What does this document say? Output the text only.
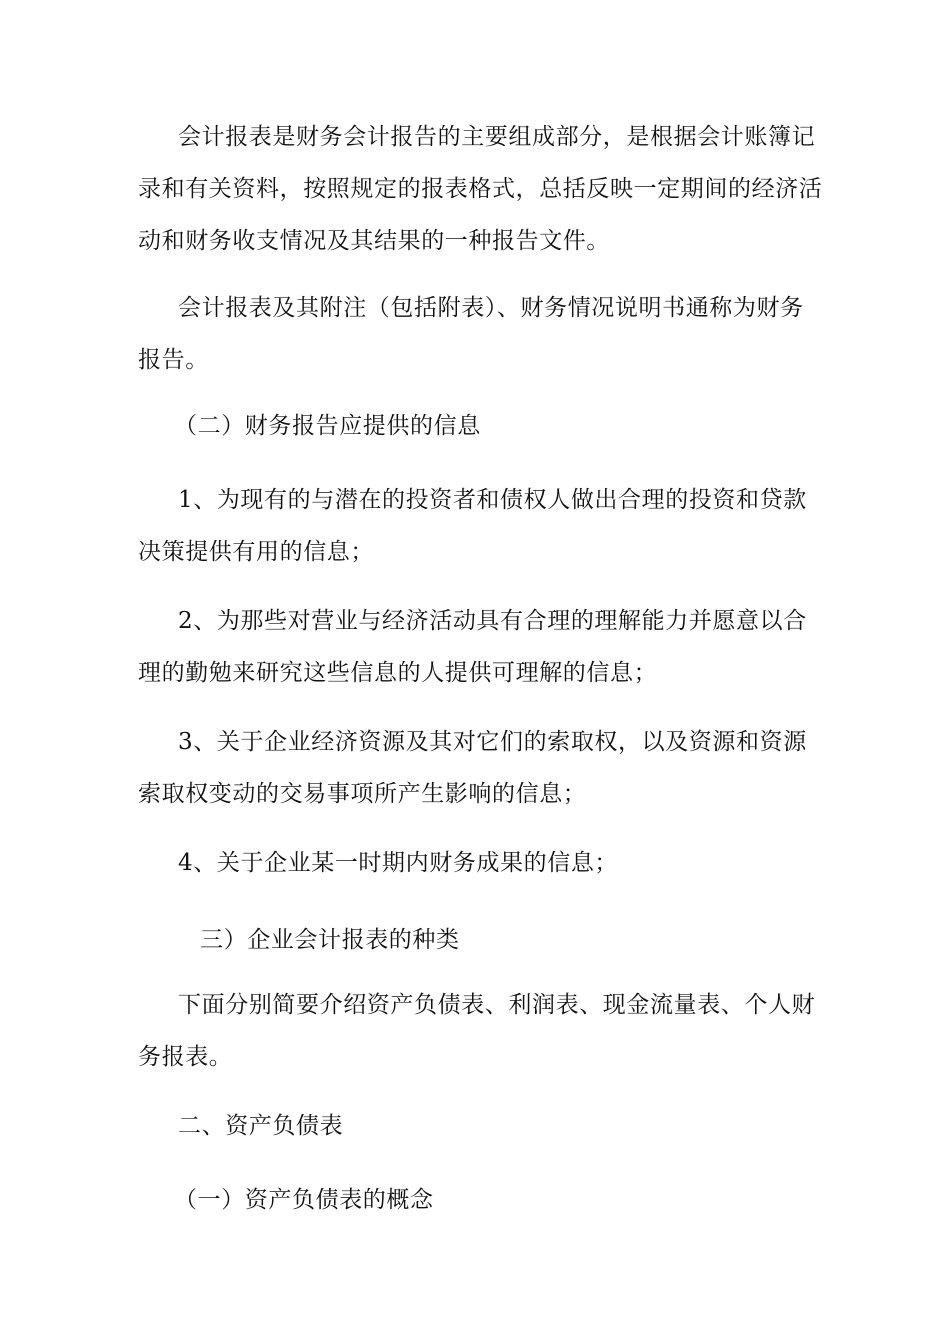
会计报表是财务会计报告的主要组成部分，是根据会计账簿记
录和有关资料，按照规定的报表格式，总括反映一定期间的经济活
动和财务收支情况及其结果的一种报告文件。
会计报表及其附注（包括附表）、财务情况说明书通称为财务
报告。
（二）财务报告应提供的信息
1、为现有的与潜在的投资者和债权人做出合理的投资和贷款
决策提供有用的信息；
2、为那些对营业与经济活动具有合理的理解能力并愿意以合
理的勤勉来研究这些信息的人提供可理解的信息；
3、关于企业经济资源及其对它们的索取权，以及资源和资源
索取权变动的交易事项所产生影响的信息；
4、关于企业某一时期内财务成果的信息；
三）企业会计报表的种类
下面分别简要介绍资产负债表、利润表、现金流量表、个人财
务报表。
二、资产负债表
（一）资产负债表的概念
